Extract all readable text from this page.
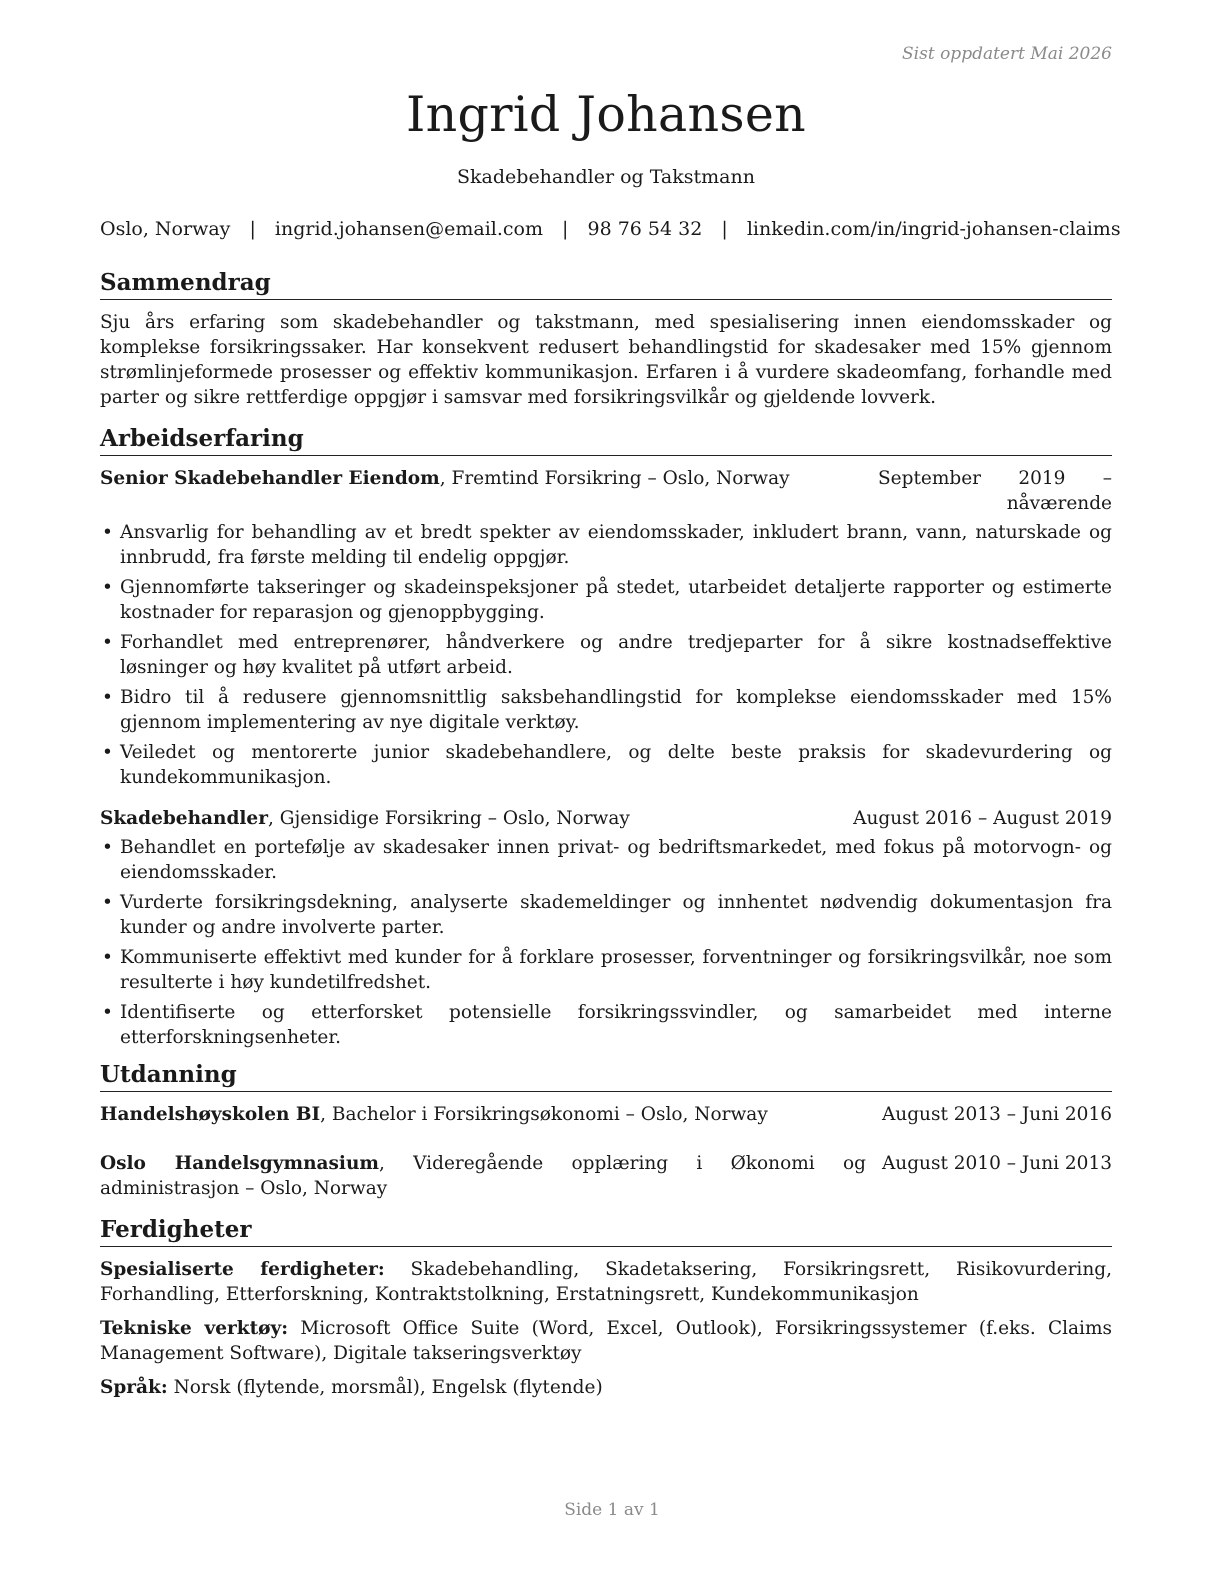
Sist oppdatert Mai 2026
Ingrid Johansen
Skadebehandler og Takstmann
Oslo, Norway | ingrid.johansen@email.com | 98 76 54 32 | linkedin.com/in/ingrid-johansen-claims
Sammendrag

Sju års erfaring som skadebehandler og takstmann, med spesialisering innen eiendomsskader og komplekse forsikringssaker. Har konsekvent redusert behandlingstid for skadesaker med 15% gjennom strømlinjeformede prosesser og effektiv kommunikasjon. Erfaren i å vurdere skadeomfang, forhandle med parter og sikre rettferdige oppgjør i samsvar med forsikringsvilkår og gjeldende lovverk.

Arbeidserfaring
Senior Skadebehandler Eiendom, Fremtind Forsikring – Oslo, Norway	September 2019 – nåværende
• Ansvarlig for behandling av et bredt spekter av eiendomsskader, inkludert brann, vann, naturskade og innbrudd, fra første melding til endelig oppgjør.
• Gjennomførte takseringer og skadeinspeksjoner på stedet, utarbeidet detaljerte rapporter og estimerte kostnader for reparasjon og gjenoppbygging.
• Forhandlet med entreprenører, håndverkere og andre tredjeparter for å sikre kostnadseffektive løsninger og høy kvalitet på utført arbeid.
• Bidro til å redusere gjennomsnittlig saksbehandlingstid for komplekse eiendomsskader med 15% gjennom implementering av nye digitale verktøy.
• Veiledet og mentorerte junior skadebehandlere, og delte beste praksis for skadevurdering og kundekommunikasjon.
Skadebehandler, Gjensidige Forsikring – Oslo, Norway	August 2016 – August 2019
• Behandlet en portefølje av skadesaker innen privat- og bedriftsmarkedet, med fokus på motorvogn- og eiendomsskader.
• Vurderte forsikringsdekning, analyserte skademeldinger og innhentet nødvendig dokumentasjon fra kunder og andre involverte parter.
• Kommuniserte effektivt med kunder for å forklare prosesser, forventninger og forsikringsvilkår, noe som resulterte i høy kundetilfredshet.
• Identifiserte og etterforsket potensielle forsikringssvindler, og samarbeidet med interne etterforskningsenheter.
Utdanning
Handelshøyskolen BI, Bachelor i Forsikringsøkonomi – Oslo, Norway	August 2013 – Juni 2016
Oslo Handelsgymnasium, Videregående opplæring i Økonomi og administrasjon – Oslo, Norway
August 2010 – Juni 2013
Ferdigheter

Spesialiserte ferdigheter: Skadebehandling, Skadetaksering, Forsikringsrett, Risikovurdering, Forhandling, Etterforskning, Kontraktstolkning, Erstatningsrett, Kundekommunikasjon

Tekniske verktøy: Microsoft Office Suite (Word, Excel, Outlook), Forsikringssystemer (f.eks. Claims Management Software), Digitale takseringsverktøy

Språk: Norsk (flytende, morsmål), Engelsk (flytende)

Side 1 av 1
